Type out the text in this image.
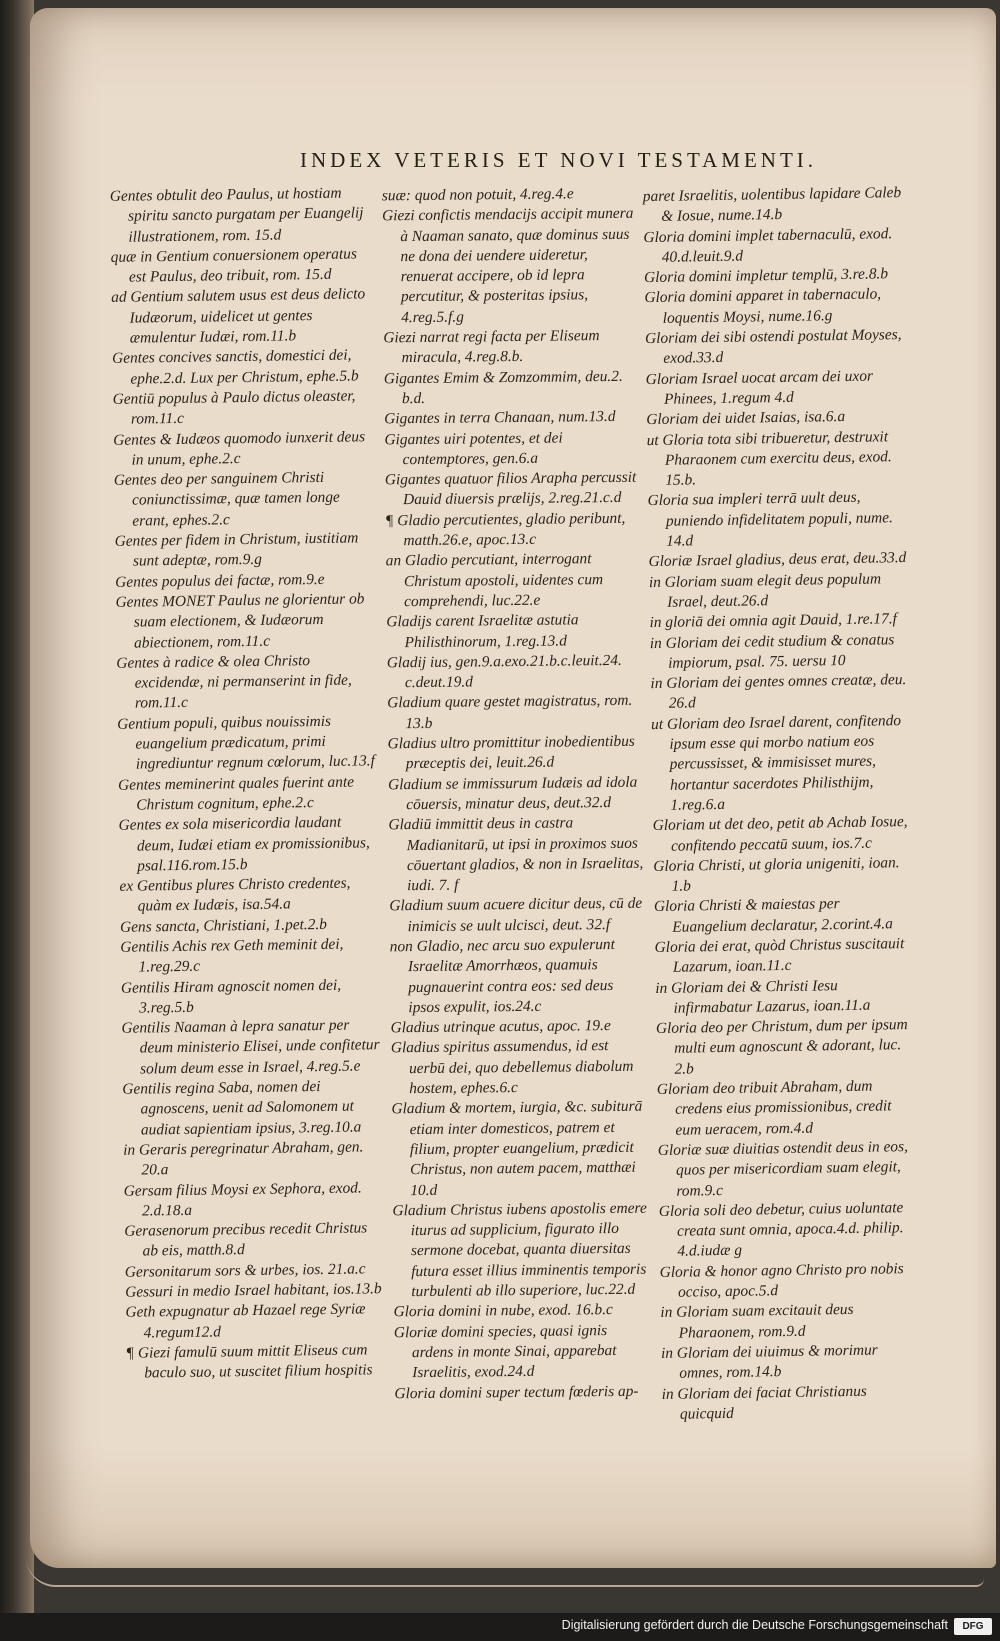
INDEX VETERIS ET NOVI TESTAMENTI.
Gentes obtulit deo Paulus, ut hostiam spiritu sancto purgatam per Euangelij illustrationem, rom. 15.d
quæ in Gentium conuersionem operatus est Paulus, deo tribuit, rom. 15.d
ad Gentium salutem usus est deus delicto Iudæorum, uidelicet ut gentes æmulentur Iudæi, rom.11.b
Gentes concives sanctis, domestici dei, ephe.2.d. Lux per Christum, ephe.5.b
Gentiū populus à Paulo dictus oleaster, rom.11.c
Gentes & Iudæos quomodo iunxerit deus in unum, ephe.2.c
Gentes deo per sanguinem Christi coniunctissimæ, quæ tamen longe erant, ephes.2.c
Gentes per fidem in Christum, iustitiam sunt adeptæ, rom.9.g
Gentes populus dei factæ, rom.9.e
Gentes MONET Paulus ne glorientur ob suam electionem, & Iudæorum abiectionem, rom.11.c
Gentes à radice & olea Christo excidendæ, ni permanserint in fide, rom.11.c
Gentium populi, quibus nouissimis euangelium prædicatum, primi ingrediuntur regnum cœlorum, luc.13.f
Gentes meminerint quales fuerint ante Christum cognitum, ephe.2.c
Gentes ex sola misericordia laudant deum, Iudæi etiam ex promissionibus, psal.116.rom.15.b
ex Gentibus plures Christo credentes, quàm ex Iudæis, isa.54.a
Gens sancta, Christiani, 1.pet.2.b
Gentilis Achis rex Geth meminit dei, 1.reg.29.c
Gentilis Hiram agnoscit nomen dei, 3.reg.5.b
Gentilis Naaman à lepra sanatur per deum ministerio Elisei, unde confitetur solum deum esse in Israel, 4.reg.5.e
Gentilis regina Saba, nomen dei agnoscens, uenit ad Salomonem ut audiat sapientiam ipsius, 3.reg.10.a
in Geraris peregrinatur Abraham, gen. 20.a
Gersam filius Moysi ex Sephora, exod. 2.d.18.a
Gerasenorum precibus recedit Christus ab eis, matth.8.d
Gersonitarum sors & urbes, ios. 21.a.c
Gessuri in medio Israel habitant, ios.13.b
Geth expugnatur ab Hazael rege Syriæ 4.regum12.d
¶ Giezi famulū suum mittit Eliseus cum baculo suo, ut suscitet filium hospitis
suæ: quod non potuit, 4.reg.4.e
Giezi confictis mendacijs accipit munera à Naaman sanato, quæ dominus suus ne dona dei uendere uideretur, renuerat accipere, ob id lepra percutitur, & posteritas ipsius, 4.reg.5.f.g
Giezi narrat regi facta per Eliseum miracula, 4.reg.8.b.
Gigantes Emim & Zomzommim, deu.2. b.d.
Gigantes in terra Chanaan, num.13.d
Gigantes uiri potentes, et dei contemptores, gen.6.a
Gigantes quatuor filios Arapha percussit Dauid diuersis prælijs, 2.reg.21.c.d
¶ Gladio percutientes, gladio peribunt, matth.26.e, apoc.13.c
an Gladio percutiant, interrogant Christum apostoli, uidentes cum comprehendi, luc.22.e
Gladijs carent Israelitæ astutia Philisthinorum, 1.reg.13.d
Gladij ius, gen.9.a.exo.21.b.c.leuit.24. c.deut.19.d
Gladium quare gestet magistratus, rom. 13.b
Gladius ultro promittitur inobedientibus præceptis dei, leuit.26.d
Gladium se immissurum Iudæis ad idola cōuersis, minatur deus, deut.32.d
Gladiū immittit deus in castra Madianitarū, ut ipsi in proximos suos cōuertant gladios, & non in Israelitas, iudi. 7. f
Gladium suum acuere dicitur deus, cū de inimicis se uult ulcisci, deut. 32.f
non Gladio, nec arcu suo expulerunt Israelitæ Amorrhæos, quamuis pugnauerint contra eos: sed deus ipsos expulit, ios.24.c
Gladius utrinque acutus, apoc. 19.e
Gladius spiritus assumendus, id est uerbū dei, quo debellemus diabolum hostem, ephes.6.c
Gladium & mortem, iurgia, &c. subiturā etiam inter domesticos, patrem et filium, propter euangelium, prædicit Christus, non autem pacem, matthæi 10.d
Gladium Christus iubens apostolis emere iturus ad supplicium, figurato illo sermone docebat, quanta diuersitas futura esset illius imminentis temporis turbulenti ab illo superiore, luc.22.d
Gloria domini in nube, exod. 16.b.c
Gloriæ domini species, quasi ignis ardens in monte Sinai, apparebat Israelitis, exod.24.d
Gloria domini super tectum fœderis ap-
paret Israelitis, uolentibus lapidare Caleb & Iosue, nume.14.b
Gloria domini implet tabernaculū, exod. 40.d.leuit.9.d
Gloria domini impletur templū, 3.re.8.b
Gloria domini apparet in tabernaculo, loquentis Moysi, nume.16.g
Gloriam dei sibi ostendi postulat Moyses, exod.33.d
Gloriam Israel uocat arcam dei uxor Phinees, 1.regum 4.d
Gloriam dei uidet Isaias, isa.6.a
ut Gloria tota sibi tribueretur, destruxit Pharaonem cum exercitu deus, exod. 15.b.
Gloria sua impleri terrā uult deus, puniendo infidelitatem populi, nume. 14.d
Gloriæ Israel gladius, deus erat, deu.33.d
in Gloriam suam elegit deus populum Israel, deut.26.d
in gloriā dei omnia agit Dauid, 1.re.17.f
in Gloriam dei cedit studium & conatus impiorum, psal. 75. uersu 10
in Gloriam dei gentes omnes creatæ, deu. 26.d
ut Gloriam deo Israel darent, confitendo ipsum esse qui morbo natium eos percussisset, & immisisset mures, hortantur sacerdotes Philisthijm, 1.reg.6.a
Gloriam ut det deo, petit ab Achab Iosue, confitendo peccatū suum, ios.7.c
Gloria Christi, ut gloria unigeniti, ioan. 1.b
Gloria Christi & maiestas per Euangelium declaratur, 2.corint.4.a
Gloria dei erat, quòd Christus suscitauit Lazarum, ioan.11.c
in Gloriam dei & Christi Iesu infirmabatur Lazarus, ioan.11.a
Gloria deo per Christum, dum per ipsum multi eum agnoscunt & adorant, luc. 2.b
Gloriam deo tribuit Abraham, dum credens eius promissionibus, credit eum ueracem, rom.4.d
Gloriæ suæ diuitias ostendit deus in eos, quos per misericordiam suam elegit, rom.9.c
Gloria soli deo debetur, cuius uoluntate creata sunt omnia, apoca.4.d. philip. 4.d.iudæ g
Gloria & honor agno Christo pro nobis occiso, apoc.5.d
in Gloriam suam excitauit deus Pharaonem, rom.9.d
in Gloriam dei uiuimus & morimur omnes, rom.14.b
in Gloriam dei faciat Christianus quicquid
Digitalisierung gefördert durch die Deutsche Forschungsgemeinschaft	DFG
